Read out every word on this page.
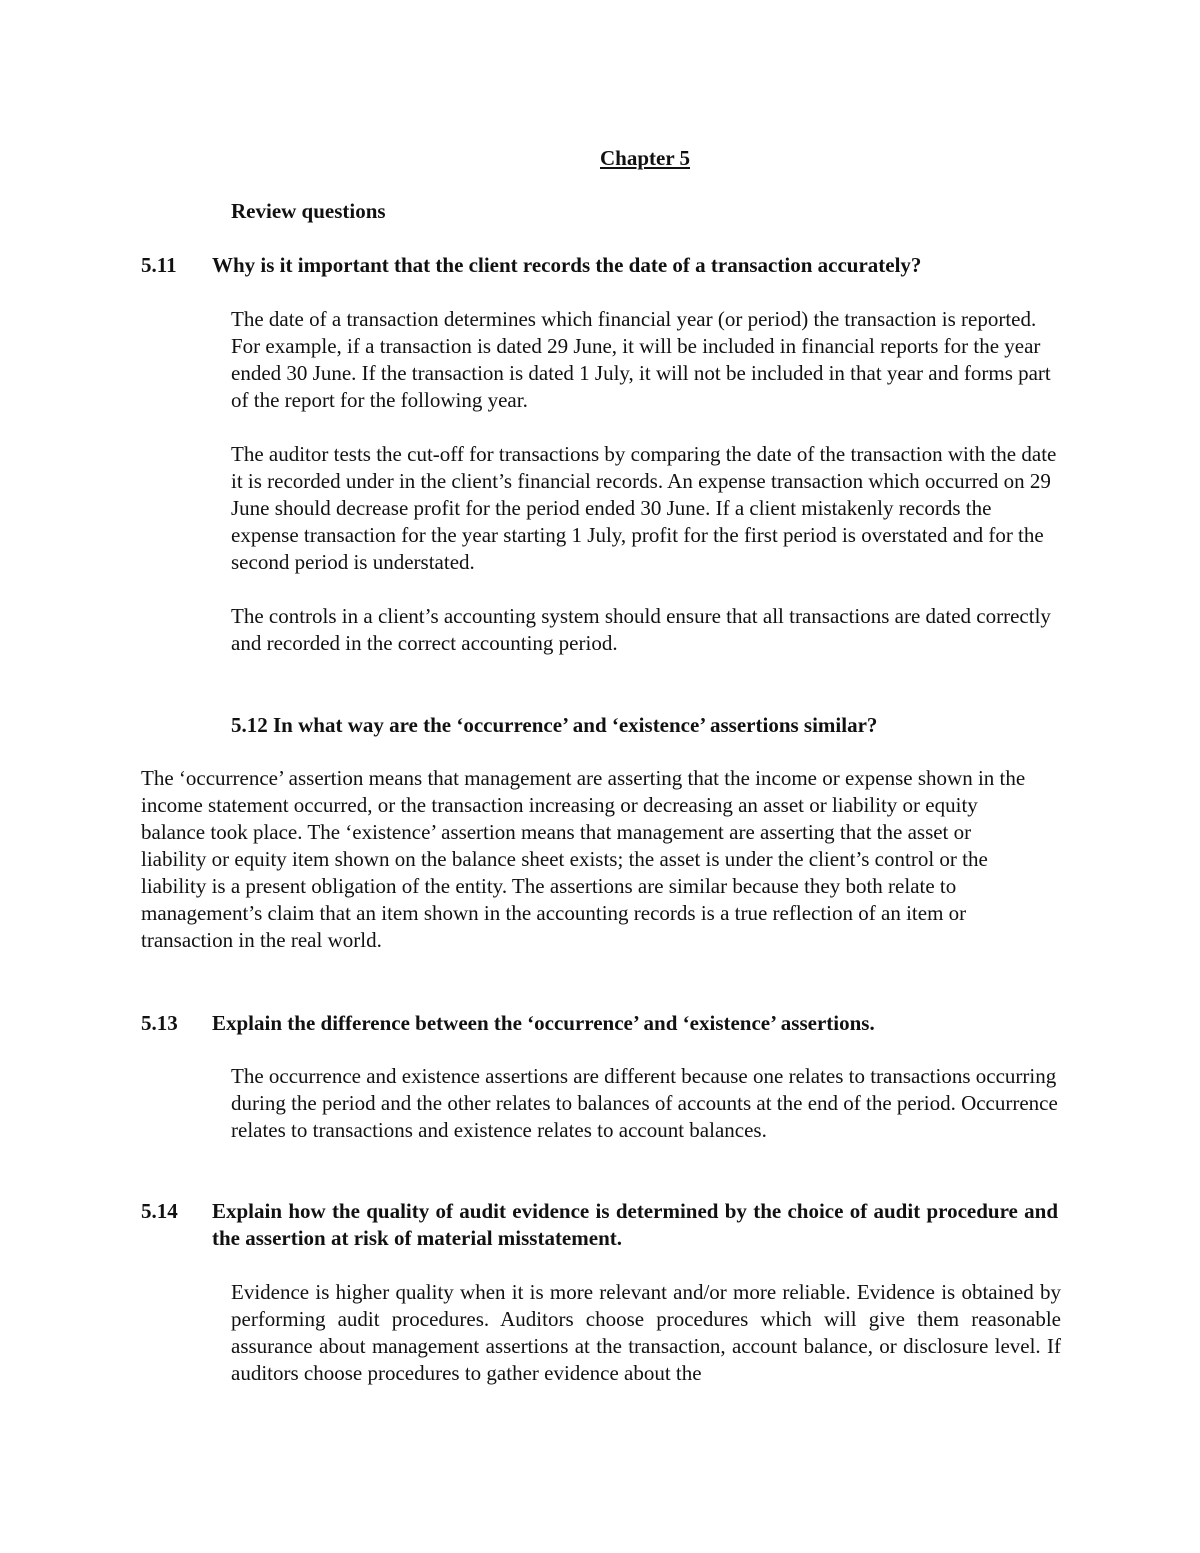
Chapter 5

Review questions

5.11 Why is it important that the client records the date of a transaction accurately?

The date of a transaction determines which financial year (or period) the transaction is reported. For example, if a transaction is dated 29 June, it will be included in financial reports for the year ended 30 June. If the transaction is dated 1 July, it will not be included in that year and forms part of the report for the following year.

The auditor tests the cut-off for transactions by comparing the date of the transaction with the date it is recorded under in the client’s financial records. An expense transaction which occurred on 29 June should decrease profit for the period ended 30 June. If a client mistakenly records the expense transaction for the year starting 1 July, profit for the first period is overstated and for the second period is understated.

The controls in a client’s accounting system should ensure that all transactions are dated correctly and recorded in the correct accounting period.

5.12 In what way are the ‘occurrence’ and ‘existence’ assertions similar?

The ‘occurrence’ assertion means that management are asserting that the income or expense shown in the income statement occurred, or the transaction increasing or decreasing an asset or liability or equity balance took place. The ‘existence’ assertion means that management are asserting that the asset or liability or equity item shown on the balance sheet exists; the asset is under the client’s control or the liability is a present obligation of the entity. The assertions are similar because they both relate to management’s claim that an item shown in the accounting records is a true reflection of an item or transaction in the real world.

5.13 Explain the difference between the ‘occurrence’ and ‘existence’ assertions.

The occurrence and existence assertions are different because one relates to transactions occurring during the period and the other relates to balances of accounts at the end of the period. Occurrence relates to transactions and existence relates to account balances.

5.14 Explain how the quality of audit evidence is determined by the choice of audit procedure and the assertion at risk of material misstatement.

Evidence is higher quality when it is more relevant and/or more reliable. Evidence is obtained by performing audit procedures. Auditors choose procedures which will give them reasonable assurance about management assertions at the transaction, account balance, or disclosure level. If auditors choose procedures to gather evidence about the
